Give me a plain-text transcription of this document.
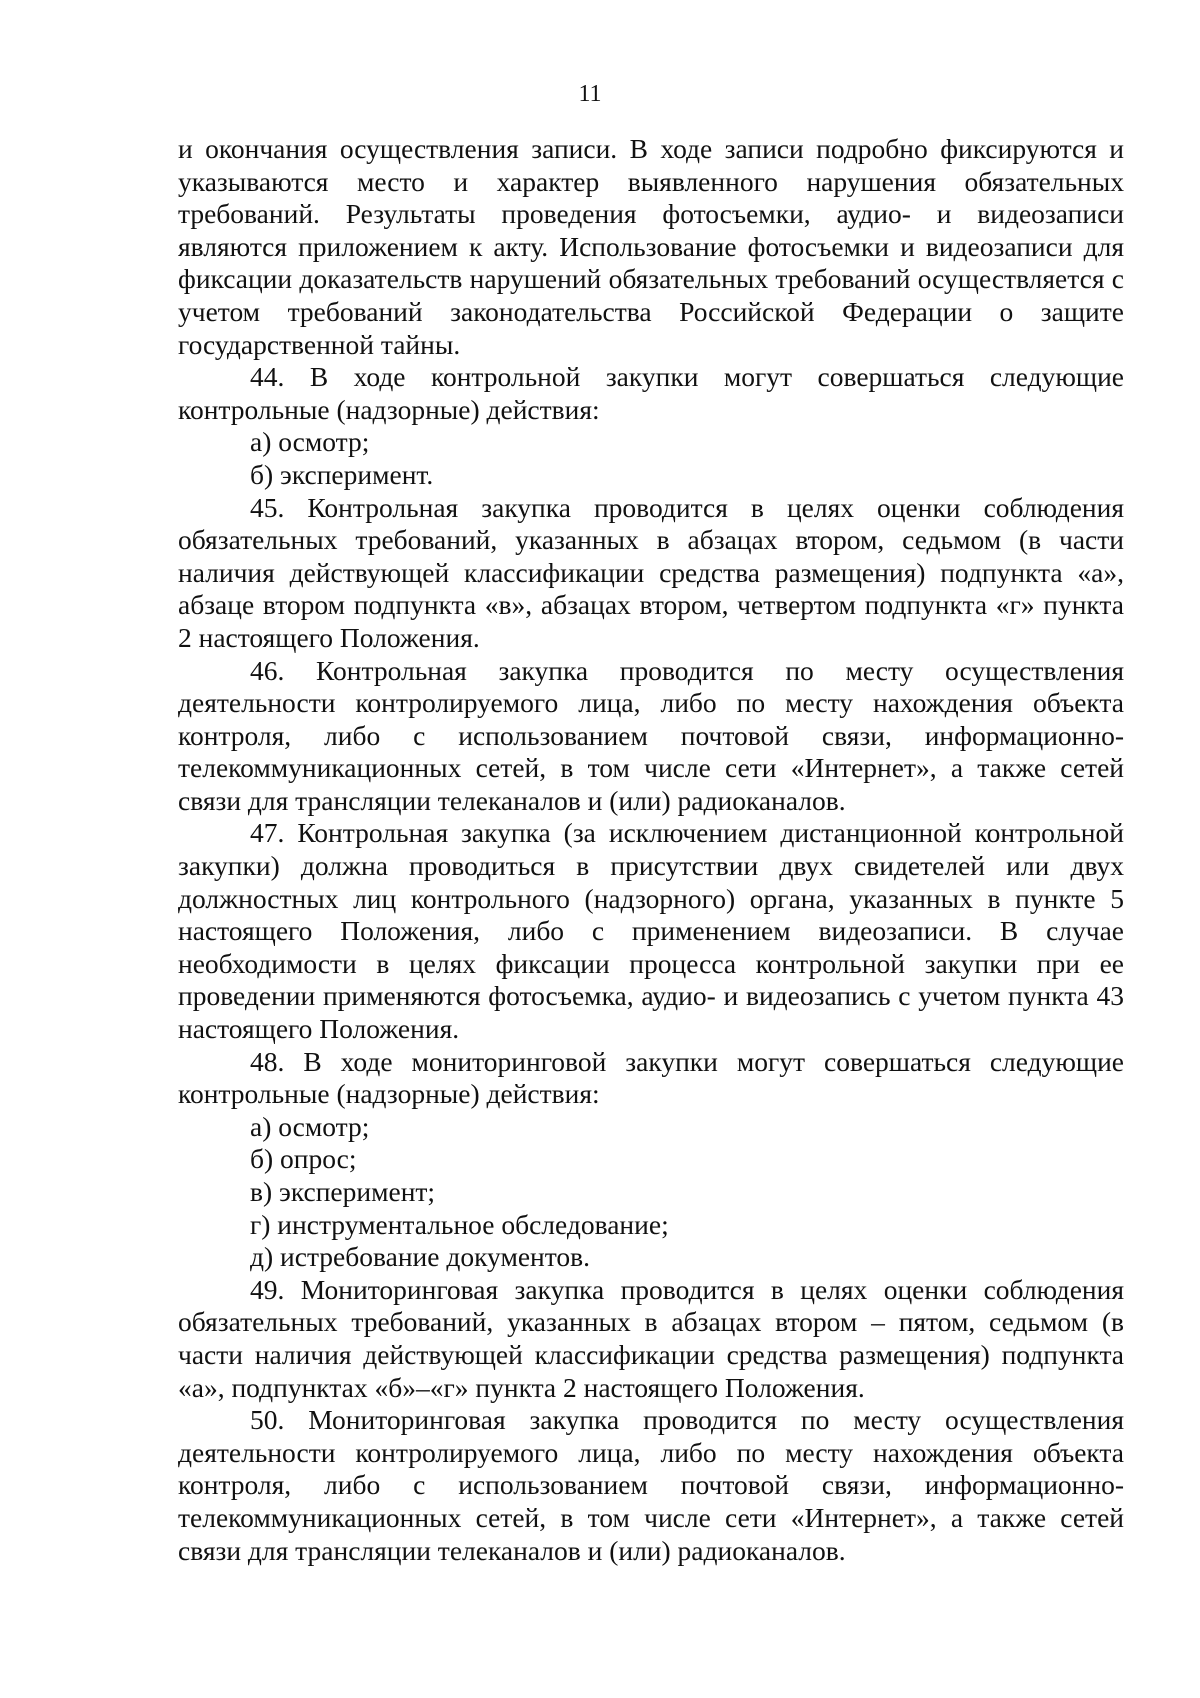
11

и окончания осуществления записи. В ходе записи подробно фиксируются и указываются место и характер выявленного нарушения обязательных требований. Результаты проведения фотосъемки, аудио- и видеозаписи являются приложением к акту. Использование фотосъемки и видеозаписи для фиксации доказательств нарушений обязательных требований осуществляется с учетом требований законодательства Российской Федерации о защите государственной тайны.

44. В ходе контрольной закупки могут совершаться следующие контрольные (надзорные) действия:

а) осмотр;

б) эксперимент.

45. Контрольная закупка проводится в целях оценки соблюдения обязательных требований, указанных в абзацах втором, седьмом (в части наличия действующей классификации средства размещения) подпункта «а», абзаце втором подпункта «в», абзацах втором, четвертом подпункта «г» пункта 2 настоящего Положения.

46. Контрольная закупка проводится по месту осуществления деятельности контролируемого лица, либо по месту нахождения объекта контроля, либо с использованием почтовой связи, информационно-телекоммуникационных сетей, в том числе сети «Интернет», а также сетей связи для трансляции телеканалов и (или) радиоканалов.

47. Контрольная закупка (за исключением дистанционной контрольной закупки) должна проводиться в присутствии двух свидетелей или двух должностных лиц контрольного (надзорного) органа, указанных в пункте 5 настоящего Положения, либо с применением видеозаписи. В случае необходимости в целях фиксации процесса контрольной закупки при ее проведении применяются фотосъемка, аудио- и видеозапись с учетом пункта 43 настоящего Положения.

48. В ходе мониторинговой закупки могут совершаться следующие контрольные (надзорные) действия:

а) осмотр;

б) опрос;

в) эксперимент;

г) инструментальное обследование;

д) истребование документов.

49. Мониторинговая закупка проводится в целях оценки соблюдения обязательных требований, указанных в абзацах втором – пятом, седьмом (в части наличия действующей классификации средства размещения) подпункта «а», подпунктах «б»–«г» пункта 2 настоящего Положения.

50. Мониторинговая закупка проводится по месту осуществления деятельности контролируемого лица, либо по месту нахождения объекта контроля, либо с использованием почтовой связи, информационно-телекоммуникационных сетей, в том числе сети «Интернет», а также сетей связи для трансляции телеканалов и (или) радиоканалов.
